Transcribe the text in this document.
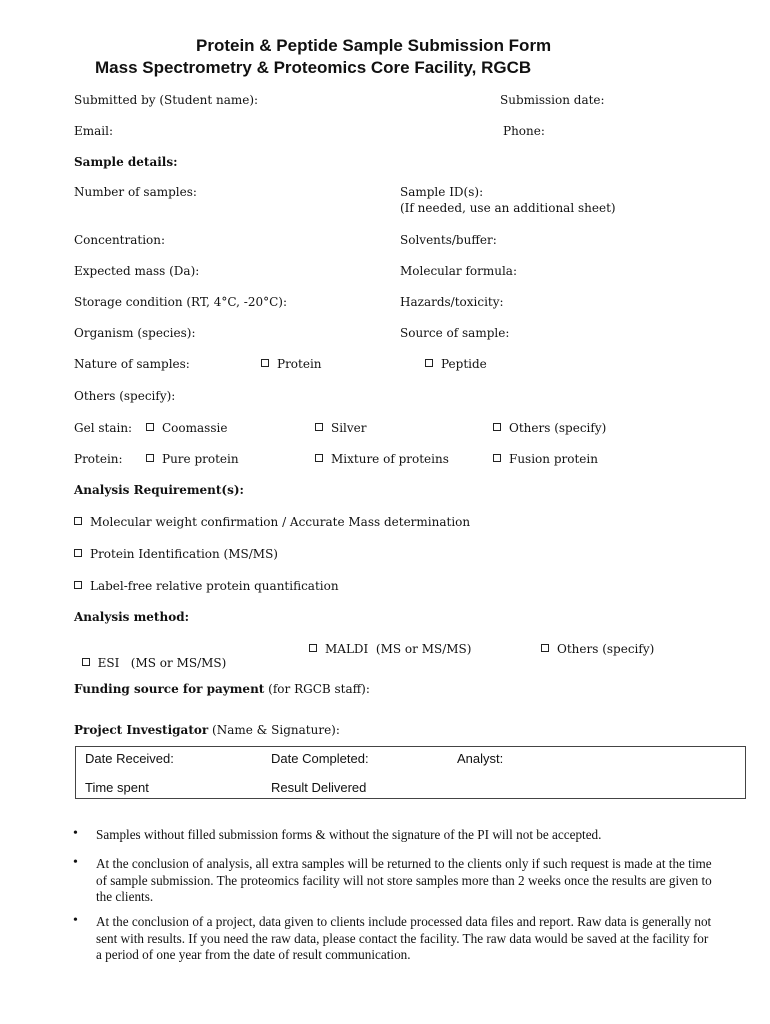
Protein & Peptide Sample Submission Form
Mass Spectrometry & Proteomics Core Facility, RGCB
Submitted by (Student name):	Submission date:
Email:	Phone:
Sample details:
Number of samples:	Sample ID(s):
(If needed, use an additional sheet)
Concentration:	Solvents/buffer:
Expected mass (Da):	Molecular formula:
Storage condition (RT, 4°C, -20°C):	Hazards/toxicity:
Organism (species):	Source of sample:
Nature of samples:	Protein	Peptide
Others (specify):
Gel stain:	Coomassie	Silver	Others (specify)
Protein:	Pure protein	Mixture of proteins	Fusion protein
Analysis Requirement(s):
Molecular weight confirmation / Accurate Mass determination
Protein Identification (MS/MS)
Label-free relative protein quantification
Analysis method:

ESI   (MS or MS/MS)

MALDI  (MS or MS/MS)	Others (specify)
Funding source for payment (for RGCB staff):
Project Investigator (Name & Signature):
Date Received:	Date Completed:	Analyst:
Time spent	Result Delivered
• Samples without filled submission forms & without the signature of the PI will not be accepted.
• At the conclusion of analysis, all extra samples will be returned to the clients only if such request is made at the time of sample submission. The proteomics facility will not store samples more than 2 weeks once the results are given to the clients.
• At the conclusion of a project, data given to clients include processed data files and report. Raw data is generally not sent with results. If you need the raw data, please contact the facility. The raw data would be saved at the facility for a period of one year from the date of result communication.
